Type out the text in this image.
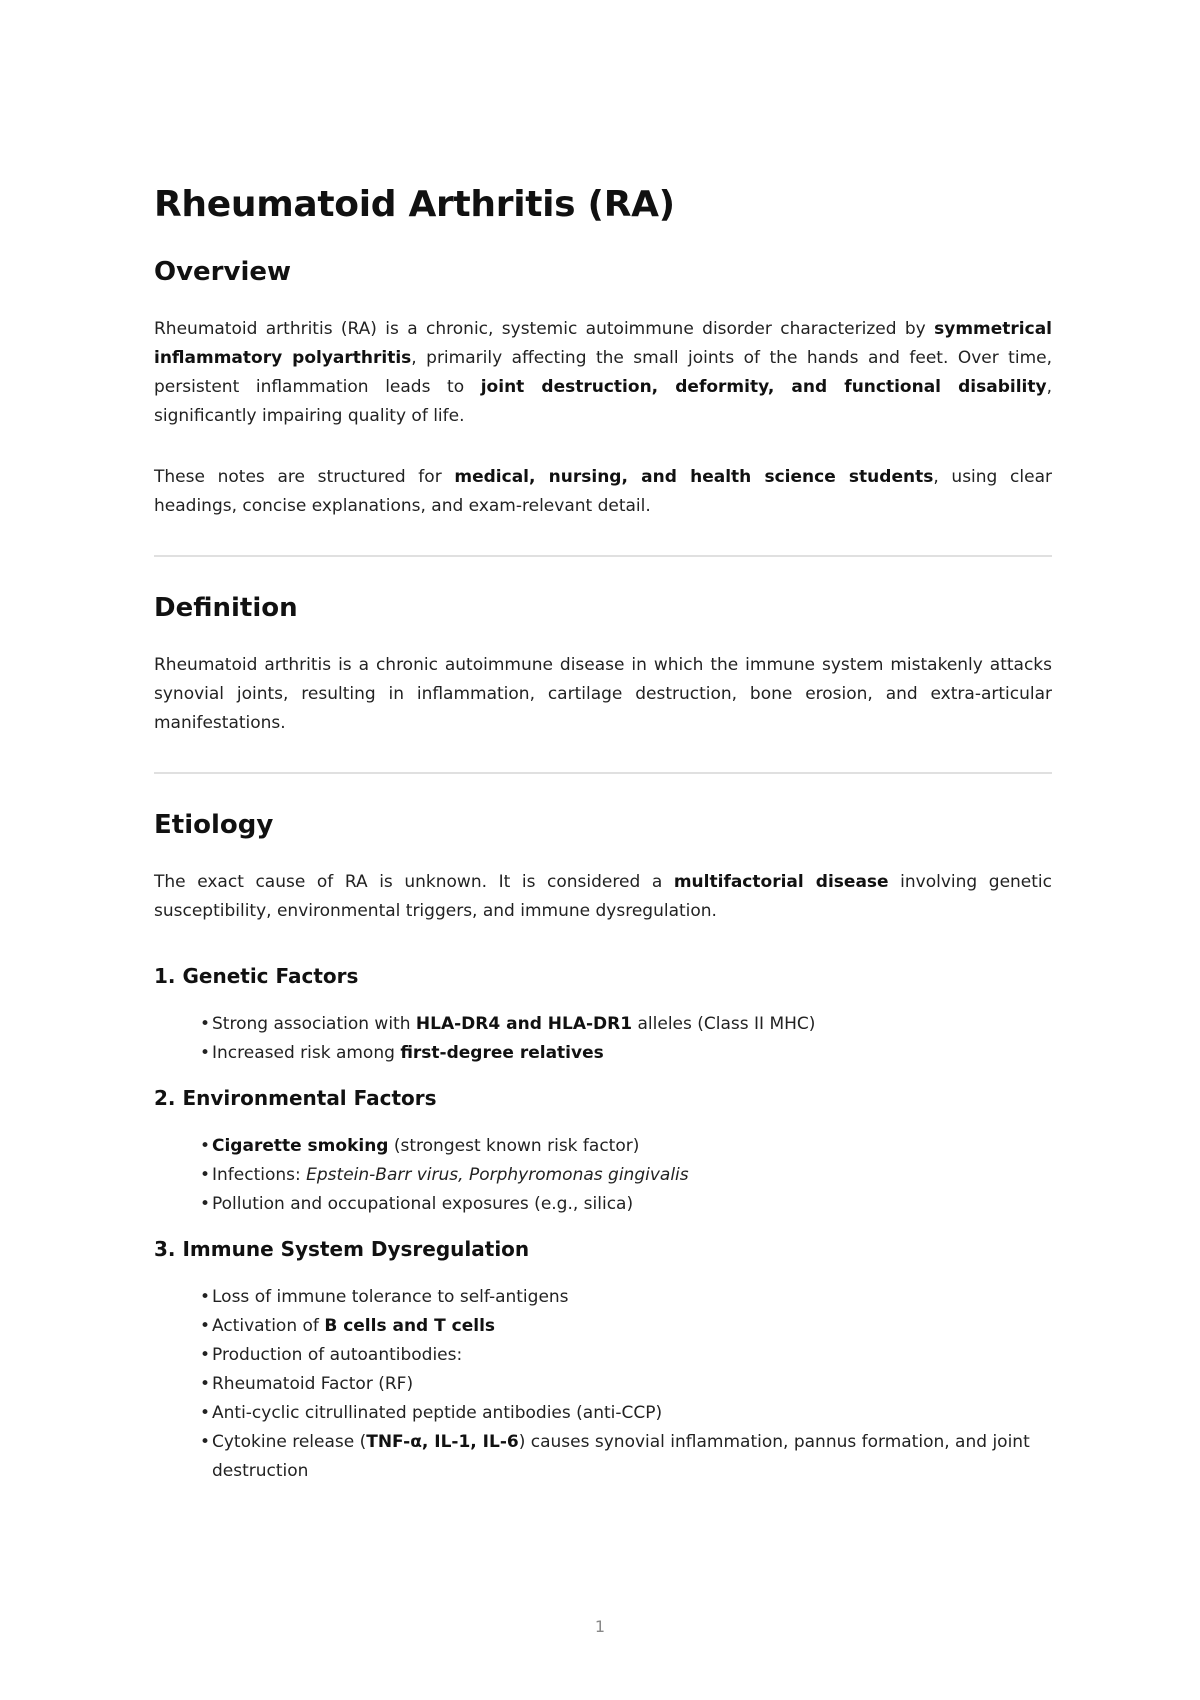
Rheumatoid Arthritis (RA)
Overview

Rheumatoid arthritis (RA) is a chronic, systemic autoimmune disorder characterized by symmetrical inflammatory polyarthritis, primarily affecting the small joints of the hands and feet. Over time, persistent inflammation leads to joint destruction, deformity, and functional disability, significantly impairing quality of life.

These notes are structured for medical, nursing, and health science students, using clear headings, concise explanations, and exam-relevant detail.

Definition

Rheumatoid arthritis is a chronic autoimmune disease in which the immune system mistakenly attacks synovial joints, resulting in inflammation, cartilage destruction, bone erosion, and extra-articular manifestations.

Etiology

The exact cause of RA is unknown. It is considered a multifactorial disease involving genetic susceptibility, environmental triggers, and immune dysregulation.

1. Genetic Factors
• Strong association with HLA-DR4 and HLA-DR1 alleles (Class II MHC)
• Increased risk among first-degree relatives
2. Environmental Factors
• Cigarette smoking (strongest known risk factor)
• Infections: Epstein-Barr virus, Porphyromonas gingivalis
• Pollution and occupational exposures (e.g., silica)
3. Immune System Dysregulation
• Loss of immune tolerance to self-antigens
• Activation of B cells and T cells
• Production of autoantibodies:
• Rheumatoid Factor (RF)
• Anti-cyclic citrullinated peptide antibodies (anti-CCP)
• Cytokine release (TNF-α, IL-1, IL-6) causes synovial inflammation, pannus formation, and joint destruction
1
